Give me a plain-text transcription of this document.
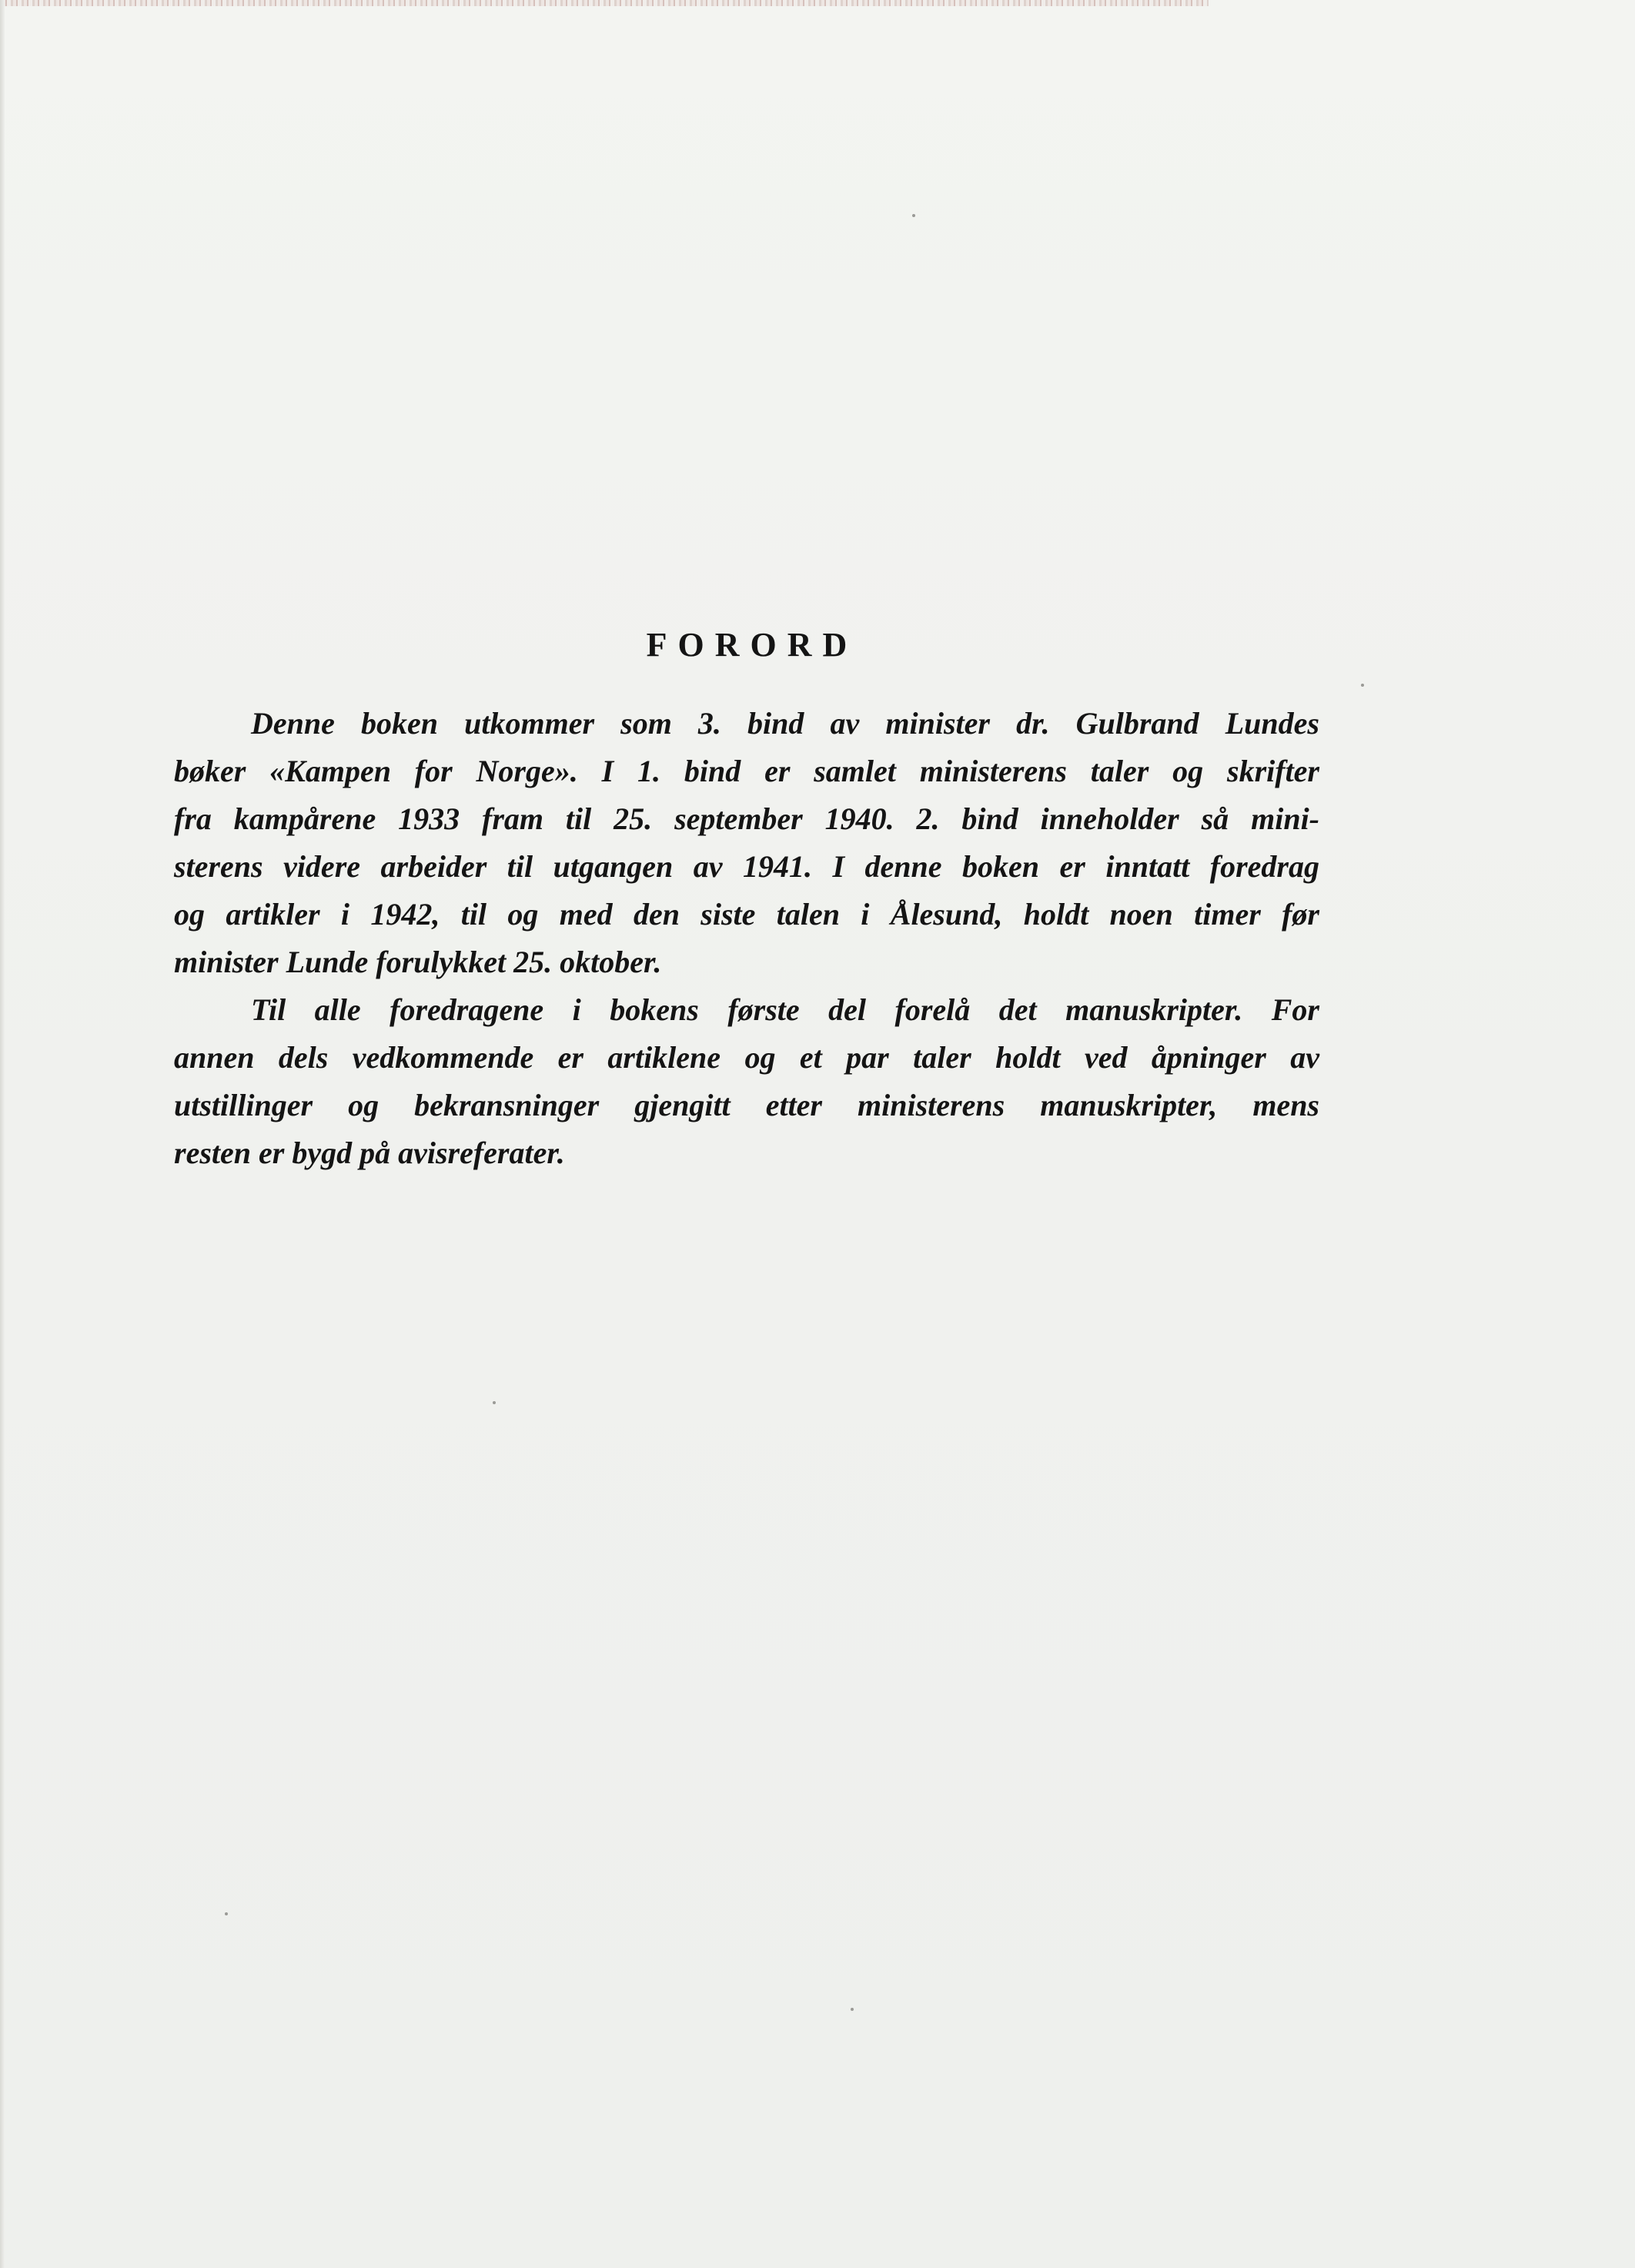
FORORD

Denne boken utkommer som 3. bind av minister dr. Gulbrand Lundes
bøker «Kampen for Norge». I 1. bind er samlet ministerens taler og skrifter
fra kampårene 1933 fram til 25. september 1940. 2. bind inneholder så mini-
sterens videre arbeider til utgangen av 1941. I denne boken er inntatt foredrag
og artikler i 1942, til og med den siste talen i Ålesund, holdt noen timer før
minister Lunde forulykket 25. oktober.

Til alle foredragene i bokens første del forelå det manuskripter. For
annen dels vedkommende er artiklene og et par taler holdt ved åpninger av
utstillinger og bekransninger gjengitt etter ministerens manuskripter, mens
resten er bygd på avisreferater.
